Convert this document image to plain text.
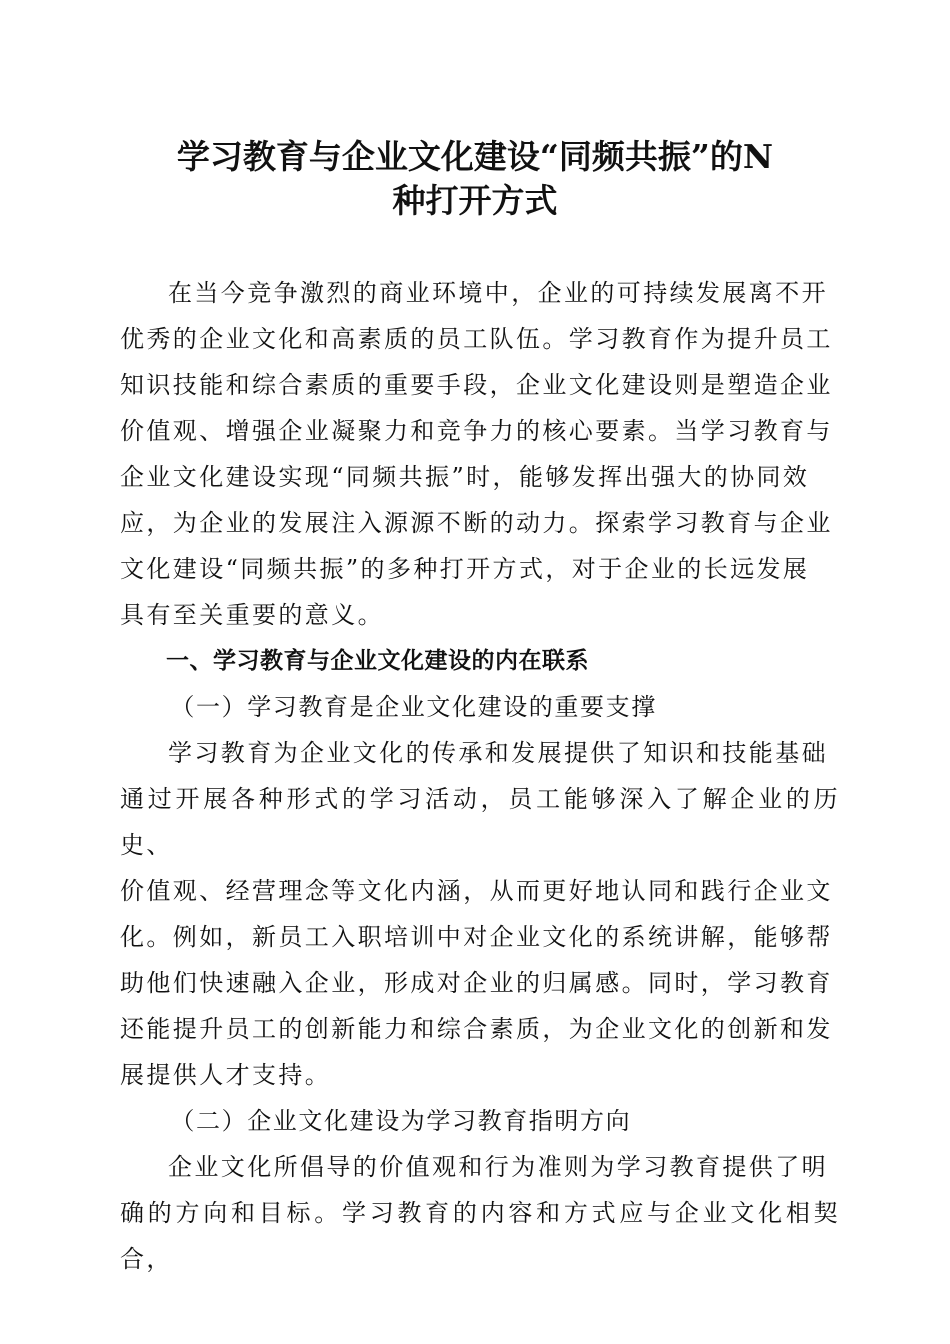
学习教育与企业文化建设“同频共振”的N
种打开方式

在当今竞争激烈的商业环境中，企业的可持续发展离不开
优秀的企业文化和高素质的员工队伍。学习教育作为提升员工
知识技能和综合素质的重要手段，企业文化建设则是塑造企业
价值观、增强企业凝聚力和竞争力的核心要素。当学习教育与
企业文化建设实现“同频共振”时，能够发挥出强大的协同效
应，为企业的发展注入源源不断的动力。探索学习教育与企业
文化建设“同频共振”的多种打开方式，对于企业的长远发展
具有至关重要的意义。

一、学习教育与企业文化建设的内在联系

（一）学习教育是企业文化建设的重要支撑

学习教育为企业文化的传承和发展提供了知识和技能基础
通过开展各种形式的学习活动，员工能够深入了解企业的历史、
价值观、经营理念等文化内涵，从而更好地认同和践行企业文
化。例如，新员工入职培训中对企业文化的系统讲解，能够帮
助他们快速融入企业，形成对企业的归属感。同时，学习教育
还能提升员工的创新能力和综合素质，为企业文化的创新和发
展提供人才支持。

（二）企业文化建设为学习教育指明方向

企业文化所倡导的价值观和行为准则为学习教育提供了明
确的方向和目标。学习教育的内容和方式应与企业文化相契合，
